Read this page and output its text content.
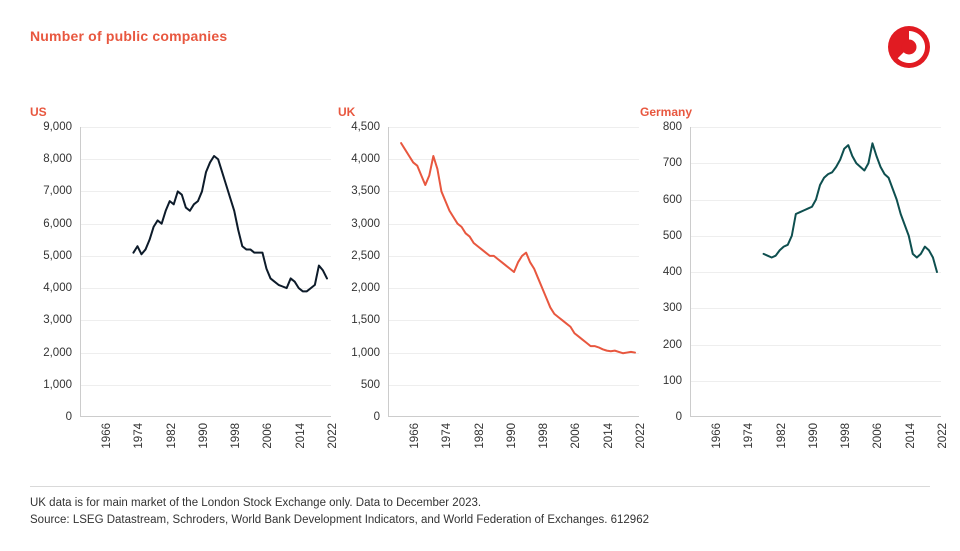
Number of public companies
US
0
1,000
2,000
3,000
4,000
5,000
6,000
7,000
8,000
9,000
1966 1974 1982 1990 1998 2006 2014 2022
UK
0
500
1,000
1,500
2,000
2,500
3,000
3,500
4,000
4,500
1966 1974 1982 1990 1998 2006 2014 2022
Germany
0
100
200
300
400
500
600
700
800
1966 1974 1982 1990 1998 2006 2014 2022
UK data is for main market of the London Stock Exchange only. Data to December 2023.
Source: LSEG Datastream, Schroders, World Bank Development Indicators, and World Federation of Exchanges. 612962
